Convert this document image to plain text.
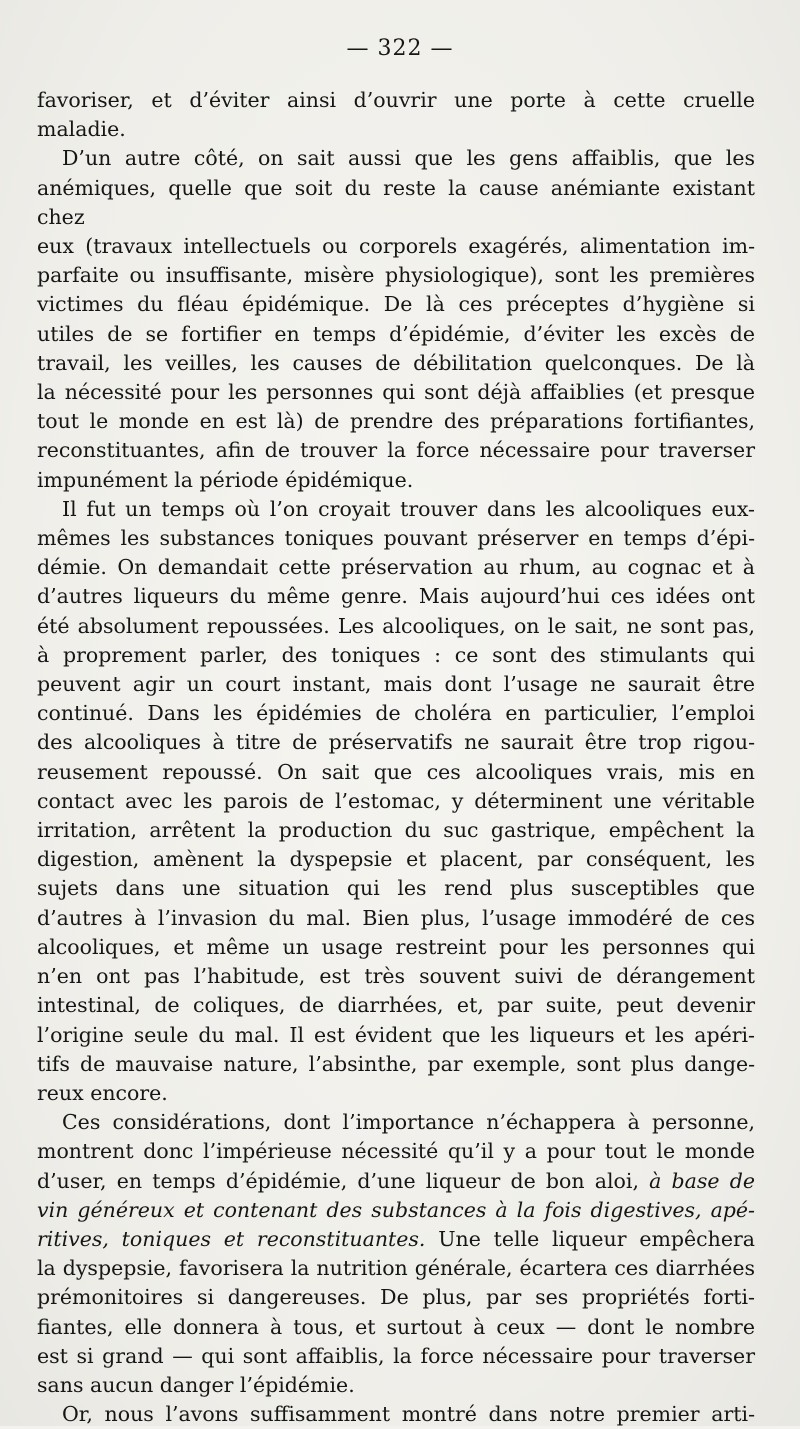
— 322 —

favoriser, et d’éviter ainsi d’ouvrir une porte à cette cruelle

maladie.

D’un autre côté, on sait aussi que les gens affaiblis, que les

anémiques, quelle que soit du reste la cause anémiante existant chez

eux (travaux intellectuels ou corporels exagérés, alimentation im-

parfaite ou insuffisante, misère physiologique), sont les premières

victimes du fléau épidémique. De là ces préceptes d’hygiène si

utiles de se fortifier en temps d’épidémie, d’éviter les excès de

travail, les veilles, les causes de débilitation quelconques. De là

la nécessité pour les personnes qui sont déjà affaiblies (et presque

tout le monde en est là) de prendre des préparations fortifiantes,

reconstituantes, afin de trouver la force nécessaire pour traverser

impunément la période épidémique.

Il fut un temps où l’on croyait trouver dans les alcooliques eux-

mêmes les substances toniques pouvant préserver en temps d’épi-

démie. On demandait cette préservation au rhum, au cognac et à

d’autres liqueurs du même genre. Mais aujourd’hui ces idées ont

été absolument repoussées. Les alcooliques, on le sait, ne sont pas,

à proprement parler, des toniques : ce sont des stimulants qui

peuvent agir un court instant, mais dont l’usage ne saurait être

continué. Dans les épidémies de choléra en particulier, l’emploi

des alcooliques à titre de préservatifs ne saurait être trop rigou-

reusement repoussé. On sait que ces alcooliques vrais, mis en

contact avec les parois de l’estomac, y déterminent une véritable

irritation, arrêtent la production du suc gastrique, empêchent la

digestion, amènent la dyspepsie et placent, par conséquent, les

sujets dans une situation qui les rend plus susceptibles que

d’autres à l’invasion du mal. Bien plus, l’usage immodéré de ces

alcooliques, et même un usage restreint pour les personnes qui

n’en ont pas l’habitude, est très souvent suivi de dérangement

intestinal, de coliques, de diarrhées, et, par suite, peut devenir

l’origine seule du mal. Il est évident que les liqueurs et les apéri-

tifs de mauvaise nature, l’absinthe, par exemple, sont plus dange-

reux encore.

Ces considérations, dont l’importance n’échappera à personne,

montrent donc l’impérieuse nécessité qu’il y a pour tout le monde

d’user, en temps d’épidémie, d’une liqueur de bon aloi, à base de

vin généreux et contenant des substances à la fois digestives, apé-

ritives, toniques et reconstituantes. Une telle liqueur empêchera

la dyspepsie, favorisera la nutrition générale, écartera ces diarrhées

prémonitoires si dangereuses. De plus, par ses propriétés forti-

fiantes, elle donnera à tous, et surtout à ceux — dont le nombre

est si grand — qui sont affaiblis, la force nécessaire pour traverser

sans aucun danger l’épidémie.

Or, nous l’avons suffisamment montré dans notre premier arti-
